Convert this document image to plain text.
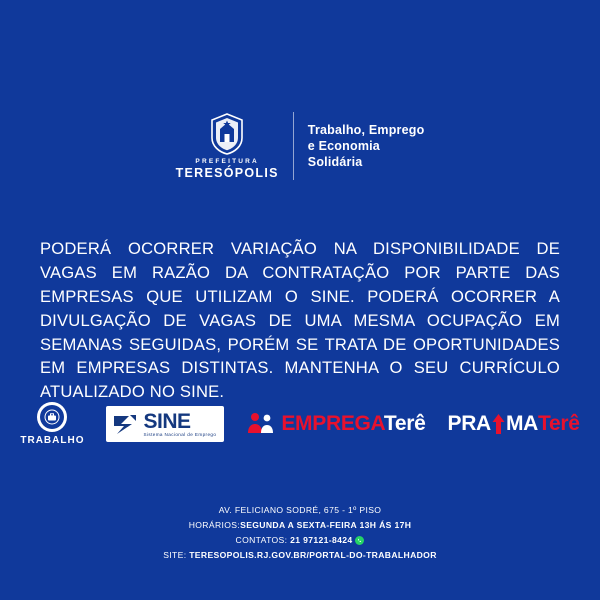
PREFEITURA
TERESÓPOLIS
Trabalho, Emprego
e Economia
Solidária
PODERÁ OCORRER VARIAÇÃO NA DISPONIBILIDADE DE VAGAS EM RAZÃO DA CONTRATAÇÃO POR PARTE DAS EMPRESAS QUE UTILIZAM O SINE. PODERÁ OCORRER A DIVULGAÇÃO DE VAGAS DE UMA MESMA OCUPAÇÃO EM SEMANAS SEGUIDAS, PORÉM SE TRATA DE OPORTUNIDADES EM EMPRESAS DISTINTAS. MANTENHA O SEU CURRÍCULO ATUALIZADO NO SINE.
TRABALHO
SINE
Sistema Nacional de Emprego	EMPREGATerê PRA MA Terê
AV. FELICIANO SODRÉ, 675 - 1º PISO
HORÁRIOS:SEGUNDA A SEXTA-FEIRA 13H ÁS 17H
CONTATOS: 21 97121-8424
SITE: TERESOPOLIS.RJ.GOV.BR/PORTAL-DO-TRABALHADOR
